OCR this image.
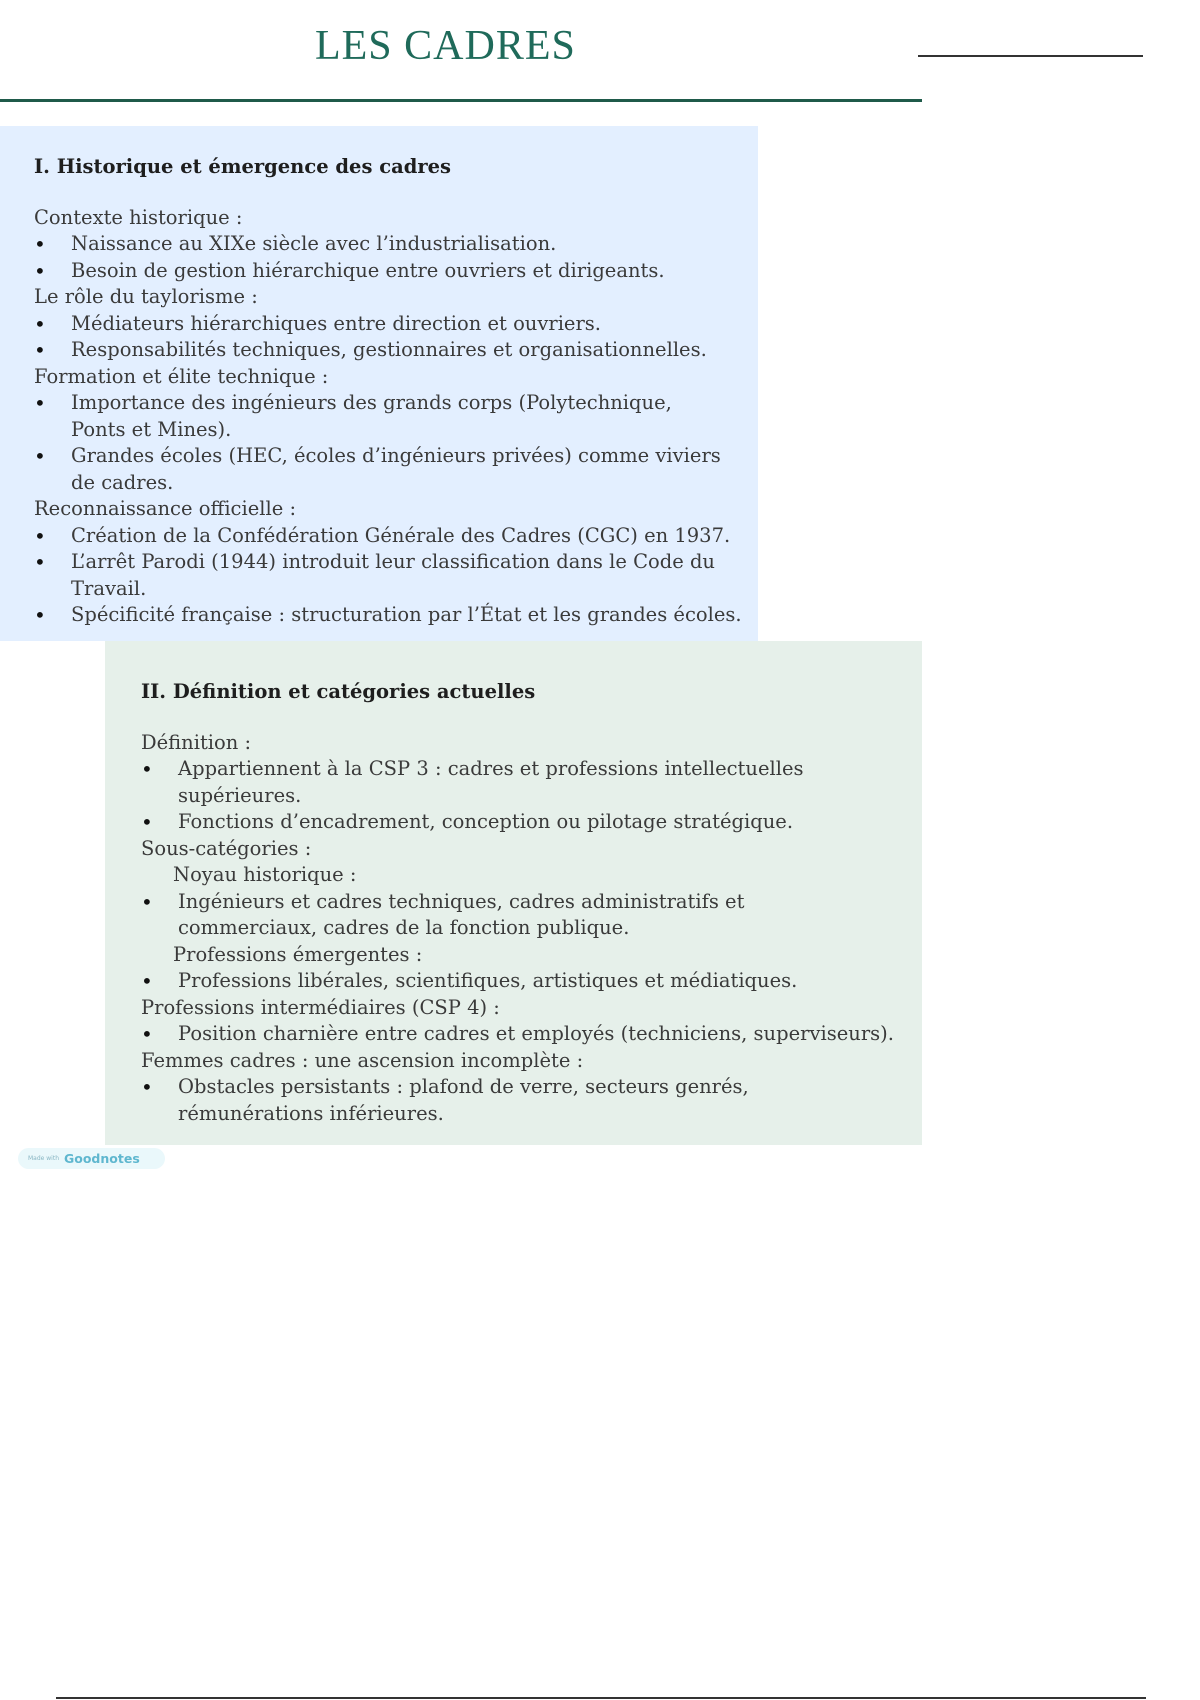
LES CADRES

I. Historique et émergence des cadres

Contexte historique :

• Naissance au XIXe siècle avec l’industrialisation.
• Besoin de gestion hiérarchique entre ouvriers et dirigeants.

Le rôle du taylorisme :

• Médiateurs hiérarchiques entre direction et ouvriers.
• Responsabilités techniques, gestionnaires et organisationnelles.

Formation et élite technique :

• Importance des ingénieurs des grands corps (Polytechnique, Ponts et Mines).
• Grandes écoles (HEC, écoles d’ingénieurs privées) comme viviers de cadres.

Reconnaissance officielle :

• Création de la Confédération Générale des Cadres (CGC) en 1937.
• L’arrêt Parodi (1944) introduit leur classification dans le Code du Travail.
• Spécificité française : structuration par l’État et les grandes écoles.

II. Définition et catégories actuelles

Définition :

• Appartiennent à la CSP 3 : cadres et professions intellectuelles supérieures.
• Fonctions d’encadrement, conception ou pilotage stratégique.

Sous-catégories :

Noyau historique :

• Ingénieurs et cadres techniques, cadres administratifs et commerciaux, cadres de la fonction publique.

Professions émergentes :

• Professions libérales, scientifiques, artistiques et médiatiques.

Professions intermédiaires (CSP 4) :

• Position charnière entre cadres et employés (techniciens, superviseurs).

Femmes cadres : une ascension incomplète :

• Obstacles persistants : plafond de verre, secteurs genrés, rémunérations inférieures.
Made with Goodnotes
